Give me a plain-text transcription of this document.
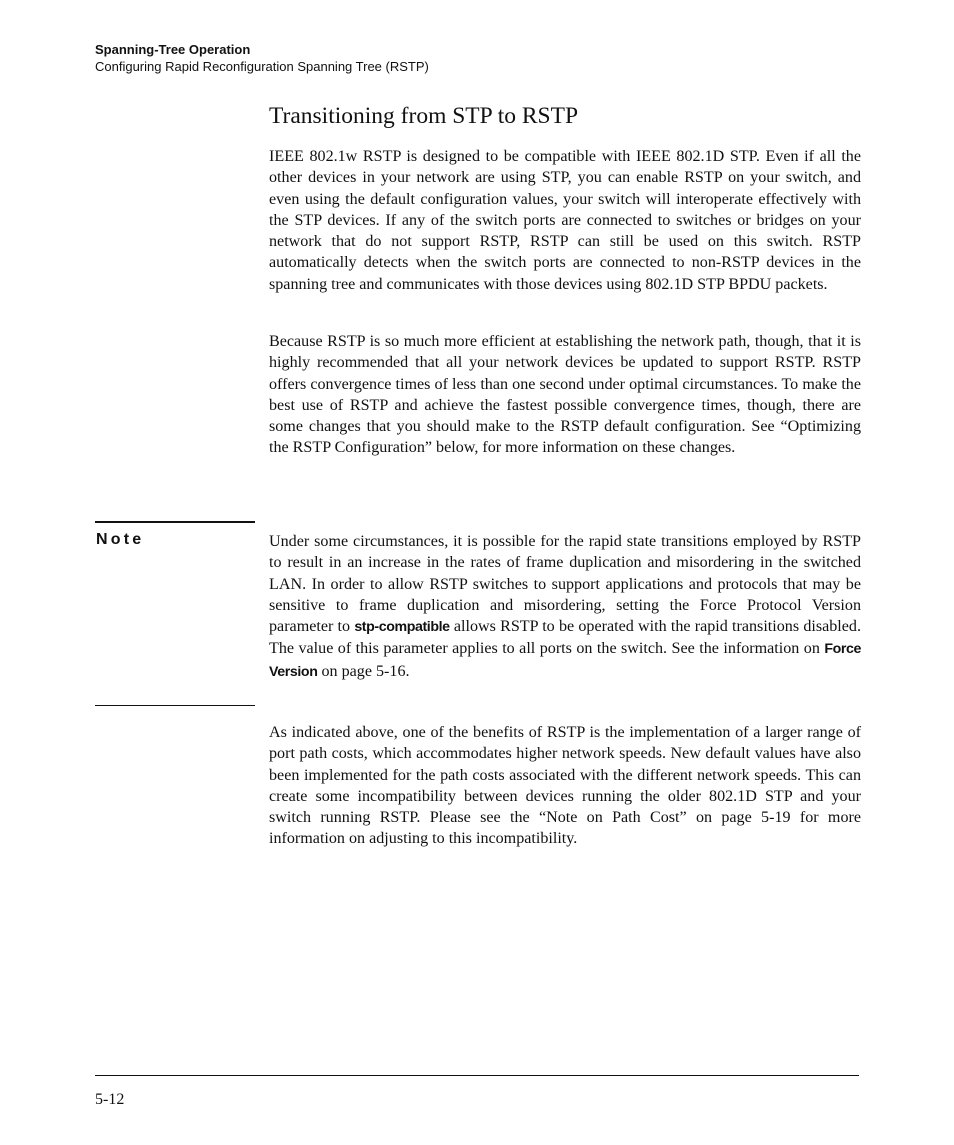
Spanning-Tree Operation
Configuring Rapid Reconfiguration Spanning Tree (RSTP)
Transitioning from STP to RSTP

IEEE 802.1w RSTP is designed to be compatible with IEEE 802.1D STP. Even if all the other devices in your network are using STP, you can enable RSTP on your switch, and even using the default configuration values, your switch will interoperate effectively with the STP devices. If any of the switch ports are connected to switches or bridges on your network that do not support RSTP, RSTP can still be used on this switch. RSTP automatically detects when the switch ports are connected to non-RSTP devices in the spanning tree and communicates with those devices using 802.1D STP BPDU packets.

Because RSTP is so much more efficient at establishing the network path, though, that it is highly recommended that all your network devices be updated to support RSTP. RSTP offers convergence times of less than one second under optimal circumstances. To make the best use of RSTP and achieve the fastest possible convergence times, though, there are some changes that you should make to the RSTP default configuration. See “Optimizing the RSTP Configuration” below, for more information on these changes.

Note	Under some circumstances, it is possible for the rapid state transitions employed by RSTP to result in an increase in the rates of frame duplication and misordering in the switched LAN. In order to allow RSTP switches to support applications and protocols that may be sensitive to frame duplication and misordering, setting the Force Protocol Version parameter to stp-compatible allows RSTP to be operated with the rapid transitions disabled. The value of this parameter applies to all ports on the switch. See the information on Force Version on page 5-16.

As indicated above, one of the benefits of RSTP is the implementation of a larger range of port path costs, which accommodates higher network speeds. New default values have also been implemented for the path costs associated with the different network speeds. This can create some incompatibility between devices running the older 802.1D STP and your switch running RSTP. Please see the “Note on Path Cost” on page 5-19 for more information on adjusting to this incompatibility.

5-12
